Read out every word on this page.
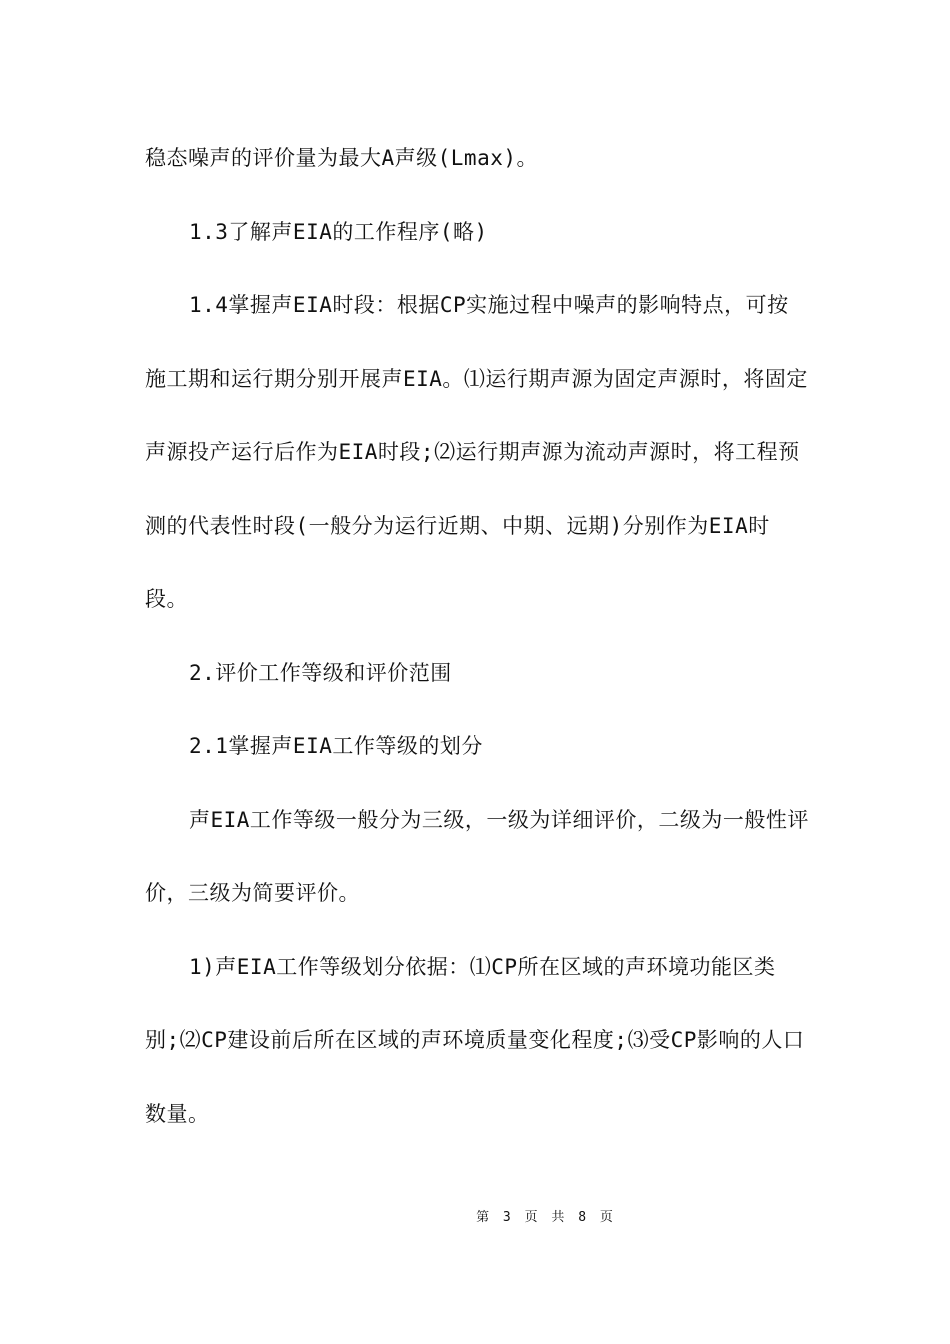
稳态噪声的评价量为最大A声级(Lmax)。

1.3了解声EIA的工作程序(略)

1.4掌握声EIA时段：根据CP实施过程中噪声的影响特点，可按施工期和运行期分别开展声EIA。⑴运行期声源为固定声源时，将固定声源投产运行后作为EIA时段;⑵运行期声源为流动声源时，将工程预测的代表性时段(一般分为运行近期、中期、远期)分别作为EIA时段。

2.评价工作等级和评价范围

2.1掌握声EIA工作等级的划分

声EIA工作等级一般分为三级，一级为详细评价，二级为一般性评价，三级为简要评价。

1)声EIA工作等级划分依据：⑴CP所在区域的声环境功能区类别;⑵CP建设前后所在区域的声环境质量变化程度;⑶受CP影响的人口数量。

第 3 页 共 8 页
